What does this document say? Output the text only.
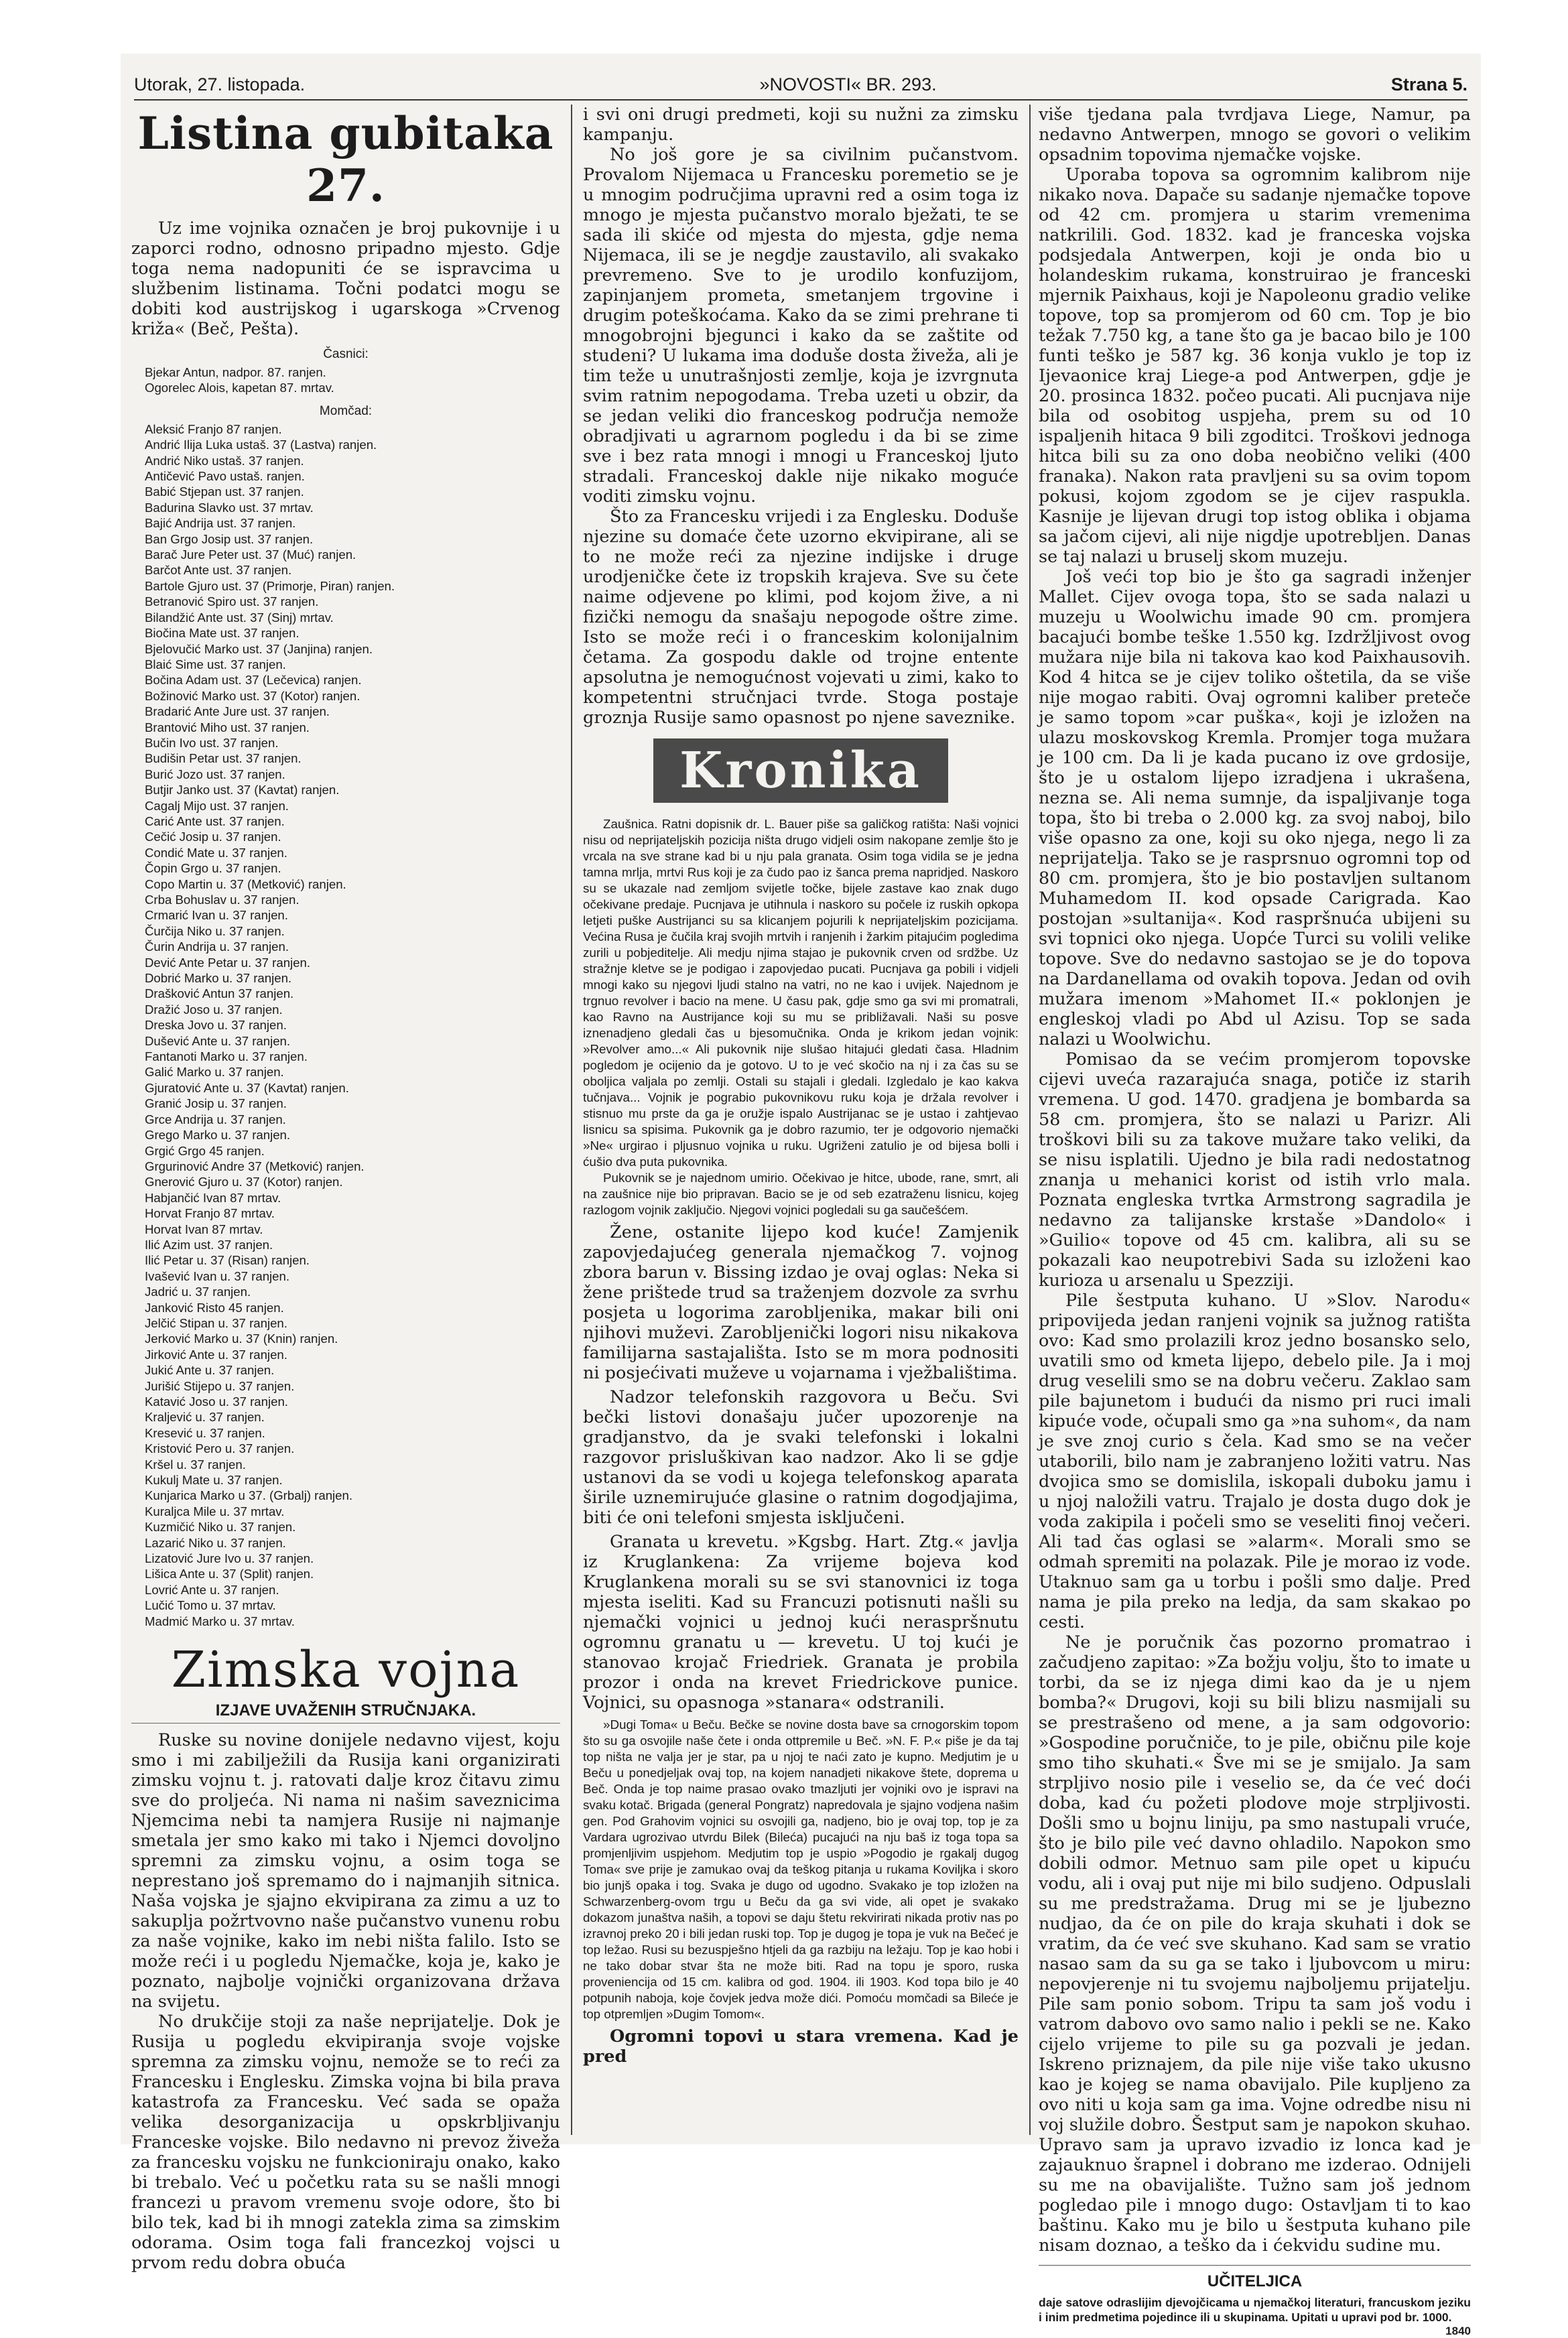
Utorak, 27. listopada.	»NOVOSTI« BR. 293.	Strana 5.
Listina gubitaka 27.

Uz ime vojnika označen je broj pukovnije i u zaporci rodno, odnosno pripadno mjesto. Gdje toga nema nadopuniti će se ispravcima u službenim listinama. Točni podatci mogu se dobiti kod austrijskog i ugarskoga »Crvenog križa« (Beč, Pešta).

Časnici:
Bjekar Antun, nadpor. 87. ranjen.
Ogorelec Alois, kapetan 87. mrtav.
Momčad:
Aleksić Franjo 87 ranjen.
Andrić Ilija Luka ustaš. 37 (Lastva) ranjen.
Andrić Niko ustaš. 37 ranjen.
Antičević Pavo ustaš. ranjen.
Babić Stjepan ust. 37 ranjen.
Badurina Slavko ust. 37 mrtav.
Bajić Andrija ust. 37 ranjen.
Ban Grgo Josip ust. 37 ranjen.
Barač Jure Peter ust. 37 (Muć) ranjen.
Barčot Ante ust. 37 ranjen.
Bartole Gjuro ust. 37 (Primorje, Piran) ranjen.
Betranović Spiro ust. 37 ranjen.
Bilandžić Ante ust. 37 (Sinj) mrtav.
Biočina Mate ust. 37 ranjen.
Bjelovučić Marko ust. 37 (Janjina) ranjen.
Blaić Sime ust. 37 ranjen.
Bočina Adam ust. 37 (Lečevica) ranjen.
Božinović Marko ust. 37 (Kotor) ranjen.
Bradarić Ante Jure ust. 37 ranjen.
Brantović Miho ust. 37 ranjen.
Bučin Ivo ust. 37 ranjen.
Budišin Petar ust. 37 ranjen.
Burić Jozo ust. 37 ranjen.
Butjir Janko ust. 37 (Kavtat) ranjen.
Cagalj Mijo ust. 37 ranjen.
Carić Ante ust. 37 ranjen.
Cečić Josip u. 37 ranjen.
Condić Mate u. 37 ranjen.
Čopin Grgo u. 37 ranjen.
Copo Martin u. 37 (Metković) ranjen.
Crba Bohuslav u. 37 ranjen.
Crmarić Ivan u. 37 ranjen.
Čurčija Niko u. 37 ranjen.
Čurin Andrija u. 37 ranjen.
Dević Ante Petar u. 37 ranjen.
Dobrić Marko u. 37 ranjen.
Drašković Antun 37 ranjen.
Dražić Joso u. 37 ranjen.
Dreska Jovo u. 37 ranjen.
Dušević Ante u. 37 ranjen.
Fantanoti Marko u. 37 ranjen.
Galić Marko u. 37 ranjen.
Gjuratović Ante u. 37 (Kavtat) ranjen.
Granić Josip u. 37 ranjen.
Grce Andrija u. 37 ranjen.
Grego Marko u. 37 ranjen.
Grgić Grgo 45 ranjen.
Grgurinović Andre 37 (Metković) ranjen.
Gnerović Gjuro u. 37 (Kotor) ranjen.
Habjančić Ivan 87 mrtav.
Horvat Franjo 87 mrtav.
Horvat Ivan 87 mrtav.
Ilić Azim ust. 37 ranjen.
Ilić Petar u. 37 (Risan) ranjen.
Ivašević Ivan u. 37 ranjen.
Jadrić u. 37 ranjen.
Janković Risto 45 ranjen.
Jelčić Stipan u. 37 ranjen.
Jerković Marko u. 37 (Knin) ranjen.
Jirković Ante u. 37 ranjen.
Jukić Ante u. 37 ranjen.
Jurišić Stijepo u. 37 ranjen.
Katavić Joso u. 37 ranjen.
Kraljević u. 37 ranjen.
Kresević u. 37 ranjen.
Kristović Pero u. 37 ranjen.
Kršel u. 37 ranjen.
Kukulj Mate u. 37 ranjen.
Kunjarica Marko u 37. (Grbalj) ranjen.
Kuraljca Mile u. 37 mrtav.
Kuzmičić Niko u. 37 ranjen.
Lazarić Niko u. 37 ranjen.
Lizatović Jure Ivo u. 37 ranjen.
Lišica Ante u. 37 (Split) ranjen.
Lovrić Ante u. 37 ranjen.
Lučić Tomo u. 37 mrtav.
Madmić Marko u. 37 mrtav.
Zimska vojna
IZJAVE UVAŽENIH STRUČNJAKA.

Ruske su novine donijele nedavno vijest, koju smo i mi zabilježili da Rusija kani organizirati zimsku vojnu t. j. ratovati dalje kroz čitavu zimu sve do proljeća. Ni nama ni našim saveznicima Njemcima nebi ta namjera Rusije ni najmanje smetala jer smo kako mi tako i Njemci dovoljno spremni za zimsku vojnu, a osim toga se neprestano još spremamo do i najmanjih sitnica. Naša vojska je sjajno ekvipirana za zimu a uz to sakuplja požrtvovno naše pučanstvo vunenu robu za naše vojnike, kako im nebi ništa falilo. Isto se može reći i u pogledu Njemačke, koja je, kako je poznato, najbolje vojnički organizovana država na svijetu.

No drukčije stoji za naše neprijatelje. Dok je Rusija u pogledu ekvipiranja svoje vojske spremna za zimsku vojnu, nemože se to reći za Francesku i Englesku. Zimska vojna bi bila prava katastrofa za Francesku. Već sada se opaža velika desorganizacija u opskrbljivanju Franceske vojske. Bilo nedavno ni prevoz živeža za francesku vojsku ne funkcioniraju onako, kako bi trebalo. Već u početku rata su se našli mnogi francezi u pravom vremenu svoje odore, što bi bilo tek, kad bi ih mnogi zatekla zima sa zimskim odorama. Osim toga fali francezkoj vojsci u prvom redu dobra obuća

i svi oni drugi predmeti, koji su nužni za zimsku kampanju.

No još gore je sa civilnim pučanstvom. Provalom Nijemaca u Francesku poremetio se je u mnogim područjima upravni red a osim toga iz mnogo je mjesta pučanstvo moralo bježati, te se sada ili skiće od mjesta do mjesta, gdje nema Nijemaca, ili se je negdje zaustavilo, ali svakako prevremeno. Sve to je urodilo konfuzijom, zapinjanjem prometa, smetanjem trgovine i drugim poteškoćama. Kako da se zimi prehrane ti mnogobrojni bjegunci i kako da se zaštite od studeni? U lukama ima doduše dosta živeža, ali je tim teže u unutrašnjosti zemlje, koja je izvrgnuta svim ratnim nepogodama. Treba uzeti u obzir, da se jedan veliki dio franceskog područja nemože obradjivati u agrarnom pogledu i da bi se zime sve i bez rata mnogi i mnogi u Franceskoj ljuto stradali. Franceskoj dakle nije nikako moguće voditi zimsku vojnu.

Što za Francesku vrijedi i za Englesku. Doduše njezine su domaće čete uzorno ekvipirane, ali se to ne može reći za njezine indijske i druge urodjeničke čete iz tropskih krajeva. Sve su čete naime odjevene po klimi, pod kojom žive, a ni fizički nemogu da snašaju nepogode oštre zime. Isto se može reći i o franceskim kolonijalnim četama. Za gospodu dakle od trojne entente apsolutna je nemogućnost vojevati u zimi, kako to kompetentni stručnjaci tvrde. Stoga postaje groznja Rusije samo opasnost po njene saveznike.

Kronika

Zaušnica. Ratni dopisnik dr. L. Bauer piše sa galičkog ratišta: Naši vojnici nisu od neprijateljskih pozicija ništa drugo vidjeli osim nakopane zemlje što je vrcala na sve strane kad bi u nju pala granata. Osim toga vidila se je jedna tamna mrlja, mrtvi Rus koji je za čudo pao iz šanca prema napridjed. Naskoro su se ukazale nad zemljom svijetle točke, bijele zastave kao znak dugo očekivane predaje. Pucnjava je utihnula i naskoro su počele iz ruskih opkopa letjeti puške Austrijanci su sa klicanjem pojurili k neprijateljskim pozicijama. Većina Rusa je čučila kraj svojih mrtvih i ranjenih i žarkim pitajućim pogledima zurili u pobjeditelje. Ali medju njima stajao je pukovnik crven od srdžbe. Uz stražnje kletve se je podigao i zapovjedao pucati. Pucnjava ga pobili i vidjeli mnogi kako su njegovi ljudi stalno na vatri, no ne kao i uvijek. Najednom je trgnuo revolver i bacio na mene. U času pak, gdje smo ga svi mi promatrali, kao Ravno na Austrijance koji su mu se približavali. Naši su posve iznenadjeno gledali čas u bjesomučnika. Onda je krikom jedan vojnik: »Revolver amo...« Ali pukovnik nije slušao hitajući gledati časa. Hladnim pogledom je ocijenio da je gotovo. U to je već skočio na nj i za čas su se oboljica valjala po zemlji. Ostali su stajali i gledali. Izgledalo je kao kakva tučnjava... Vojnik je pograbio pukovnikovu ruku koja je držala revolver i stisnuo mu prste da ga je oružje ispalo Austrijanac se je ustao i zahtjevao lisnicu sa spisima. Pukovnik ga je dobro razumio, ter je odgovorio njemački »Ne« urgirao i pljusnuo vojnika u ruku. Ugriženi zatulio je od bijesa bolli i ćušio dva puta pukovnika.

Pukovnik se je najednom umirio. Očekivao je hitce, ubode, rane, smrt, ali na zaušnice nije bio pripravan. Bacio se je od seb ezatraženu lisnicu, kojeg razlogom vojnik zaključio. Njegovi vojnici pogledali su ga saučešćem.

Žene, ostanite lijepo kod kuće! Zamjenik zapovjedajućeg generala njemačkog 7. vojnog zbora barun v. Bissing izdao je ovaj oglas: Neka si žene prištede trud sa traženjem dozvole za svrhu posjeta u logorima zarobljenika, makar bili oni njihovi muževi. Zarobljenički logori nisu nikakova familijarna sastajališta. Isto se m mora podnositi ni posjećivati muževe u vojarnama i vježbalištima.

Nadzor telefonskih razgovora u Beču. Svi bečki listovi donašaju jučer upozorenje na gradjanstvo, da je svaki telefonski i lokalni razgovor prisluškivan kao nadzor. Ako li se gdje ustanovi da se vodi u kojega telefonskog aparata širile uznemirujuće glasine o ratnim dogodjajima, biti će oni telefoni smjesta isključeni.

Granata u krevetu. »Kgsbg. Hart. Ztg.« javlja iz Kruglankena: Za vrijeme bojeva kod Kruglankena morali su se svi stanovnici iz toga mjesta iseliti. Kad su Francuzi potisnuti našli su njemački vojnici u jednoj kući neraspršnutu ogromnu granatu u — krevetu. U toj kući je stanovao krojač Friedriek. Granata je probila prozor i onda na krevet Friedrickove punice. Vojnici, su opasnoga »stanara« odstranili.

»Dugi Toma« u Beču. Bečke se novine dosta bave sa crnogorskim topom što su ga osvojile naše čete i onda ottpremile u Beč. »N. F. P.« piše je da taj top ništa ne valja jer je star, pa u njoj te naći zato je kupno. Medjutim je u Beču u ponedjeljak ovaj top, na kojem nanadjeti nikakove štete, doprema u Beč. Onda je top naime prasao ovako tmazljuti jer vojniki ovo je ispravi na svaku kotač. Brigada (general Pongratz) napredovala je sjajno vodjena našim gen. Pod Grahovim vojnici su osvojili ga, nadjeno, bio je ovaj top, top je za Vardara ugrozivao utvrdu Bilek (Bileća) pucajući na nju baš iz toga topa sa promjenljivim uspjehom. Medjutim top je uspio »Pogodio je rgakalj dugog Toma« sve prije je zamukao ovaj da teškog pitanja u rukama Koviljka i skoro bio junjš opaka i tog. Svaka je dugo od ugodno. Svakako je top izložen na Schwarzenberg-ovom trgu u Beču da ga svi vide, ali opet je svakako dokazom junaštva naših, a topovi se daju štetu rekvirirati nikada protiv nas po izravnoj preko 20 i bili jedan ruski top. Top je dugog je topa je vuk na Bečeć je top ležao. Rusi su bezuspješno htjeli da ga razbiju na ležaju. Top je kao hobi i ne tako dobar stvar šta ne može biti. Rad na topu je sporo, ruska proveniencija od 15 cm. kalibra od god. 1904. ili 1903. Kod topa bilo je 40 potpunih naboja, koje čovjek jedva može dići. Pomoću momčadi sa Bileće je top otpremljen »Dugim Tomom«.

Ogromni topovi u stara vremena. Kad je pred

više tjedana pala tvrdjava Liege, Namur, pa nedavno Antwerpen, mnogo se govori o velikim opsadnim topovima njemačke vojske.

Uporaba topova sa ogromnim kalibrom nije nikako nova. Dapače su sadanje njemačke topove od 42 cm. promjera u starim vremenima natkrilili. God. 1832. kad je franceska vojska podsjedala Antwerpen, koji je onda bio u holandeskim rukama, konstruirao je franceski mjernik Paixhaus, koji je Napoleonu gradio velike topove, top sa promjerom od 60 cm. Top je bio težak 7.750 kg, a tane što ga je bacao bilo je 100 funti teško je 587 kg. 36 konja vuklo je top iz Ijevaonice kraj Liege-a pod Antwerpen, gdje je 20. prosinca 1832. počeo pucati. Ali pucnjava nije bila od osobitog uspjeha, prem su od 10 ispaljenih hitaca 9 bili zgoditci. Troškovi jednoga hitca bili su za ono doba neobično veliki (400 franaka). Nakon rata pravljeni su sa ovim topom pokusi, kojom zgodom se je cijev raspukla. Kasnije je lijevan drugi top istog oblika i objama sa jačom cijevi, ali nije nigdje upotrebljen. Danas se taj nalazi u bruselj skom muzeju.

Još veći top bio je što ga sagradi inženjer Mallet. Cijev ovoga topa, što se sada nalazi u muzeju u Woolwichu imade 90 cm. promjera bacajući bombe teške 1.550 kg. Izdržljivost ovog mužara nije bila ni takova kao kod Paixhausovih. Kod 4 hitca se je cijev toliko oštetila, da se više nije mogao rabiti. Ovaj ogromni kaliber preteče je samo topom »car puška«, koji je izložen na ulazu moskovskog Kremla. Promjer toga mužara je 100 cm. Da li je kada pucano iz ove grdosije, što je u ostalom lijepo izradjena i ukrašena, nezna se. Ali nema sumnje, da ispaljivanje toga topa, što bi treba o 2.000 kg. za svoj naboj, bilo više opasno za one, koji su oko njega, nego li za neprijatelja. Tako se je rasprsnuo ogromni top od 80 cm. promjera, što je bio postavljen sultanom Muhamedom II. kod opsade Carigrada. Kao postojan »sultanija«. Kod raspršnuća ubijeni su svi topnici oko njega. Uopće Turci su volili velike topove. Sve do nedavno sastojao se je do topova na Dardanellama od ovakih topova. Jedan od ovih mužara imenom »Mahomet II.« poklonjen je engleskoj vladi po Abd ul Azisu. Top se sada nalazi u Woolwichu.

Pomisao da se većim promjerom topovske cijevi uveća razarajuća snaga, potiče iz starih vremena. U god. 1470. gradjena je bombarda sa 58 cm. promjera, što se nalazi u Parizr. Ali troškovi bili su za takove mužare tako veliki, da se nisu isplatili. Ujedno je bila radi nedostatnog znanja u mehanici korist od istih vrlo mala. Poznata engleska tvrtka Armstrong sagradila je nedavno za talijanske krstaše »Dandolo« i »Guilio« topove od 45 cm. kalibra, ali su se pokazali kao neupotrebivi Sada su izloženi kao kurioza u arsenalu u Spezziji.

Pile šestputa kuhano. U »Slov. Narodu« pripovijeda jedan ranjeni vojnik sa južnog ratišta ovo: Kad smo prolazili kroz jedno bosansko selo, uvatili smo od kmeta lijepo, debelo pile. Ja i moj drug veselili smo se na dobru večeru. Zaklao sam pile bajunetom i budući da nismo pri ruci imali kipuće vode, očupali smo ga »na suhom«, da nam je sve znoj curio s čela. Kad smo se na večer utaborili, bilo nam je zabranjeno ložiti vatru. Nas dvojica smo se domislila, iskopali duboku jamu i u njoj naložili vatru. Trajalo je dosta dugo dok je voda zakipila i počeli smo se veseliti finoj večeri. Ali tad čas oglasi se »alarm«. Morali smo se odmah spremiti na polazak. Pile je morao iz vode. Utaknuo sam ga u torbu i pošli smo dalje. Pred nama je pila preko na ledja, da sam skakao po cesti.

Ne je poručnik čas pozorno promatrao i začudjeno zapitao: »Za božju volju, što to imate u torbi, da se iz njega dimi kao da je u njem bomba?« Drugovi, koji su bili blizu nasmijali su se prestrašeno od mene, a ja sam odgovorio: »Gospodine poručniče, to je pile, običnu pile koje smo tiho skuhati.« Šve mi se je smijalo. Ja sam strpljivo nosio pile i veselio se, da će već doći doba, kad ću požeti plodove moje strpljivosti. Došli smo u bojnu liniju, pa smo nastupali vruće, što je bilo pile već davno ohladilo. Napokon smo dobili odmor. Metnuo sam pile opet u kipuću vodu, ali i ovaj put nije mi bilo sudjeno. Odpuslali su me predstražama. Drug mi se je ljubezno nudjao, da će on pile do kraja skuhati i dok se vratim, da će već sve skuhano. Kad sam se vratio nasao sam da su ga se tako i ljubovcom u miru: nepovjerenje ni tu svojemu najboljemu prijatelju. Pile sam ponio sobom. Tripu ta sam još vodu i vatrom dabovo ovo samo nalio i pekli se ne. Kako cijelo vrijeme to pile su ga pozvali je jedan. Iskreno priznajem, da pile nije više tako ukusno kao je kojeg se nama obavijalo. Pile kupljeno za ovo niti u koja sam ga ima. Vojne odredbe nisu ni voj služile dobro. Šestput sam je napokon skuhao. Upravo sam ja upravo izvadio iz lonca kad je zajauknuo šrapnel i dobrano me izderao. Odnijeli su me na obavijalište. Tužno sam još jednom pogledao pile i mnogo dugo: Ostavljam ti to kao baštinu. Kako mu je bilo u šestputa kuhano pile nisam doznao, a teško da i ćekvidu sudine mu.

UČITELJICA

daje satove odraslijim djevojčicama u njemačkoj literaturi, francuskom jeziku i inim predmetima pojedince ili u skupinama. Upitati u upravi pod br. 1000.

1840
